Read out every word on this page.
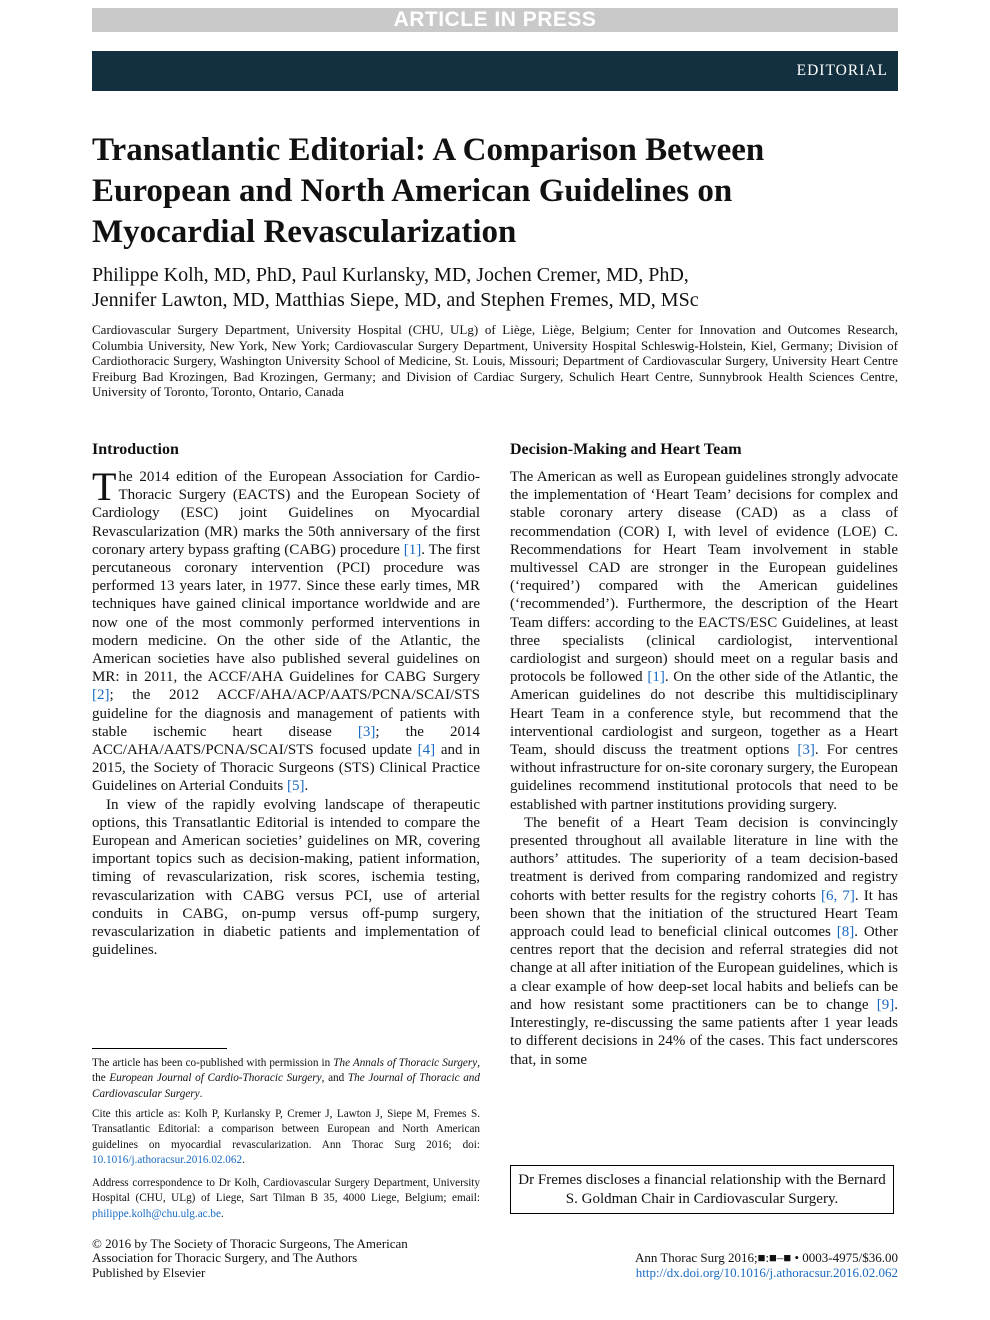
ARTICLE IN PRESS
EDITORIAL
Transatlantic Editorial: A Comparison Between European and North American Guidelines on Myocardial Revascularization
Philippe Kolh, MD, PhD, Paul Kurlansky, MD, Jochen Cremer, MD, PhD,
Jennifer Lawton, MD, Matthias Siepe, MD, and Stephen Fremes, MD, MSc
Cardiovascular Surgery Department, University Hospital (CHU, ULg) of Liège, Liège, Belgium; Center for Innovation and Outcomes Research, Columbia University, New York, New York; Cardiovascular Surgery Department, University Hospital Schleswig-Holstein, Kiel, Germany; Division of Cardiothoracic Surgery, Washington University School of Medicine, St. Louis, Missouri; Department of Cardiovascular Surgery, University Heart Centre Freiburg Bad Krozingen, Bad Krozingen, Germany; and Division of Cardiac Surgery, Schulich Heart Centre, Sunnybrook Health Sciences Centre, University of Toronto, Toronto, Ontario, Canada
Introduction

The 2014 edition of the European Association for Cardio-Thoracic Surgery (EACTS) and the European Society of Cardiology (ESC) joint Guidelines on Myocardial Revascularization (MR) marks the 50th anniversary of the first coronary artery bypass grafting (CABG) procedure [1]. The first percutaneous coronary intervention (PCI) procedure was performed 13 years later, in 1977. Since these early times, MR techniques have gained clinical importance worldwide and are now one of the most commonly performed interventions in modern medicine. On the other side of the Atlantic, the American societies have also published several guidelines on MR: in 2011, the ACCF/AHA Guidelines for CABG Surgery [2]; the 2012 ACCF/AHA/ACP/AATS/PCNA/SCAI/STS guideline for the diagnosis and management of patients with stable ischemic heart disease [3]; the 2014 ACC/AHA/AATS/PCNA/SCAI/STS focused update [4] and in 2015, the Society of Thoracic Surgeons (STS) Clinical Practice Guidelines on Arterial Conduits [5].

In view of the rapidly evolving landscape of therapeutic options, this Transatlantic Editorial is intended to compare the European and American societies’ guidelines on MR, covering important topics such as decision-making, patient information, timing of revascularization, risk scores, ischemia testing, revascularization with CABG versus PCI, use of arterial conduits in CABG, on-pump versus off-pump surgery, revascularization in diabetic patients and implementation of guidelines.

Decision-Making and Heart Team

The American as well as European guidelines strongly advocate the implementation of ‘Heart Team’ decisions for complex and stable coronary artery disease (CAD) as a class of recommendation (COR) I, with level of evidence (LOE) C. Recommendations for Heart Team involvement in stable multivessel CAD are stronger in the European guidelines (‘required’) compared with the American guidelines (‘recommended’). Furthermore, the description of the Heart Team differs: according to the EACTS/ESC Guidelines, at least three specialists (clinical cardiologist, interventional cardiologist and surgeon) should meet on a regular basis and protocols be followed [1]. On the other side of the Atlantic, the American guidelines do not describe this multidisciplinary Heart Team in a conference style, but recommend that the interventional cardiologist and surgeon, together as a Heart Team, should discuss the treatment options [3]. For centres without infrastructure for on-site coronary surgery, the European guidelines recommend institutional protocols that need to be established with partner institutions providing surgery.

The benefit of a Heart Team decision is convincingly presented throughout all available literature in line with the authors’ attitudes. The superiority of a team decision-based treatment is derived from comparing randomized and registry cohorts with better results for the registry cohorts [6, 7]. It has been shown that the initiation of the structured Heart Team approach could lead to beneficial clinical outcomes [8]. Other centres report that the decision and referral strategies did not change at all after initiation of the European guidelines, which is a clear example of how deep-set local habits and beliefs can be and how resistant some practitioners can be to change [9]. Interestingly, re-discussing the same patients after 1 year leads to different decisions in 24% of the cases. This fact underscores that, in some

The article has been co-published with permission in The Annals of Thoracic Surgery, the European Journal of Cardio-Thoracic Surgery, and The Journal of Thoracic and Cardiovascular Surgery.
Cite this article as: Kolh P, Kurlansky P, Cremer J, Lawton J, Siepe M, Fremes S. Transatlantic Editorial: a comparison between European and North American guidelines on myocardial revascularization. Ann Thorac Surg 2016; doi: 10.1016/j.athoracsur.2016.02.062.
Address correspondence to Dr Kolh, Cardiovascular Surgery Department, University Hospital (CHU, ULg) of Liege, Sart Tilman B 35, 4000 Liege, Belgium; email: philippe.kolh@chu.ulg.ac.be.
Dr Fremes discloses a financial relationship with the Bernard S. Goldman Chair in Cardiovascular Surgery.
© 2016 by The Society of Thoracic Surgeons, The American
Association for Thoracic Surgery, and The Authors
Published by Elsevier
Ann Thorac Surg 2016;■:■–■ • 0003-4975/$36.00
http://dx.doi.org/10.1016/j.athoracsur.2016.02.062
